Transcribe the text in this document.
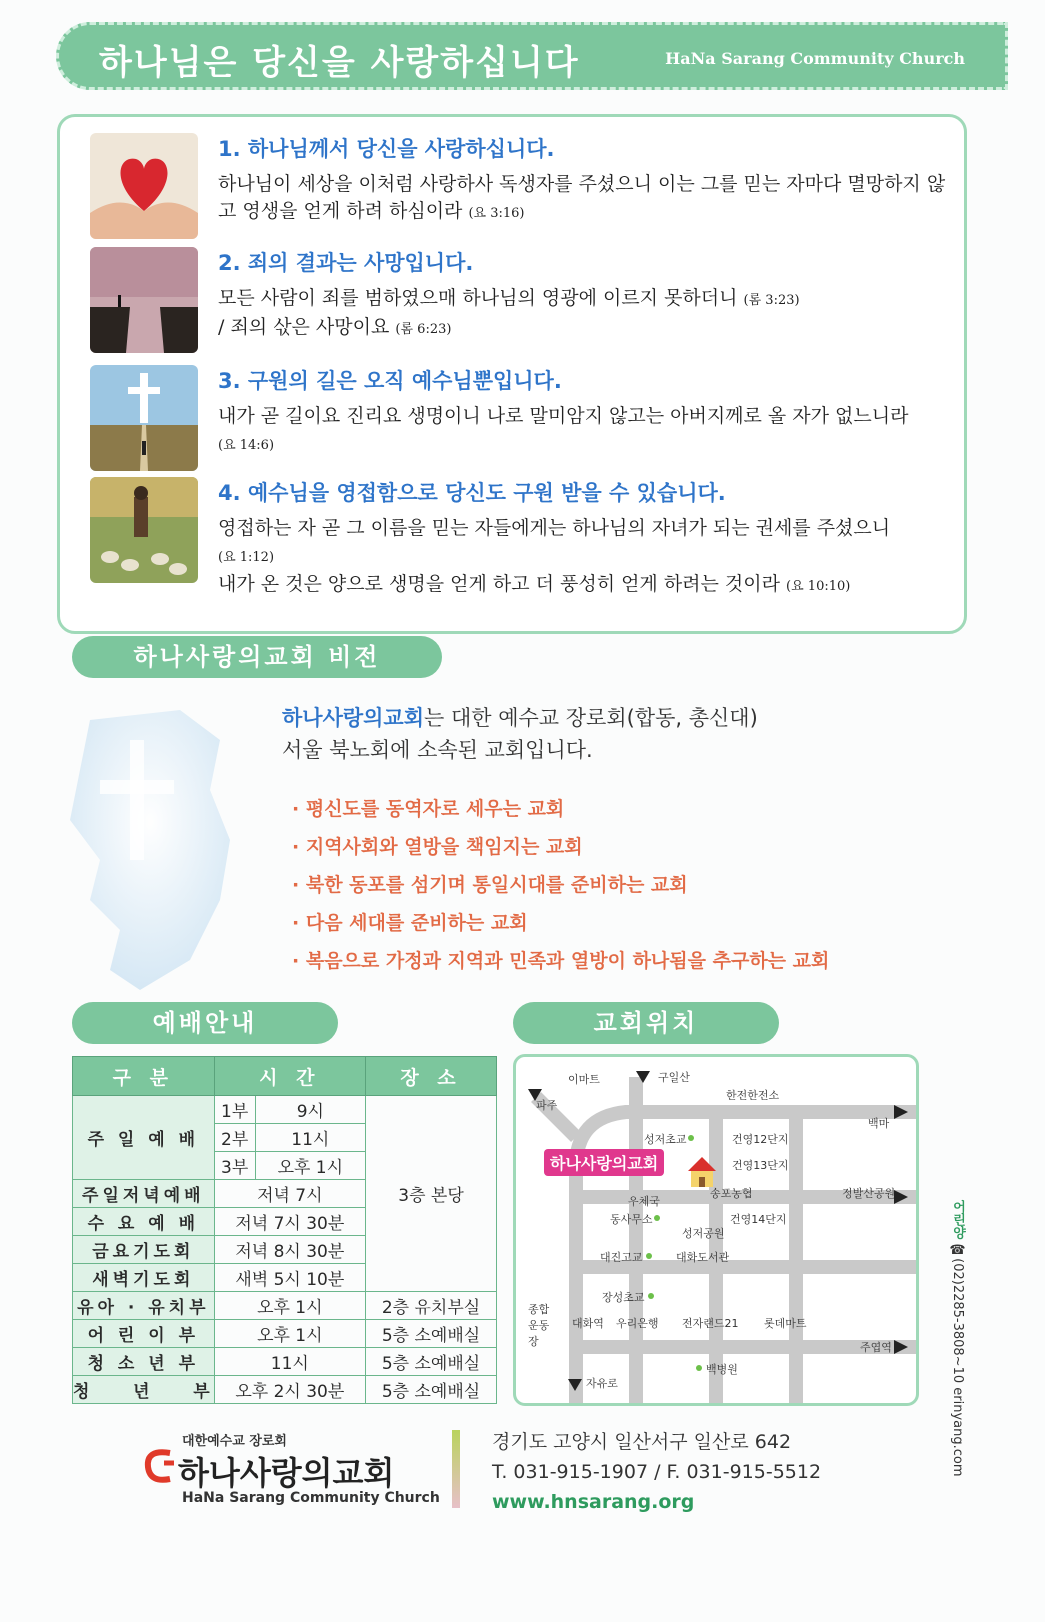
하나님은 당신을 사랑하십니다	HaNa Sarang Community Church
1. 하나님께서 당신을 사랑하십니다.
하나님이 세상을 이처럼 사랑하사 독생자를 주셨으니 이는 그를 믿는 자마다 멸망하지 않고 영생을 얻게 하려 하심이라 (요 3:16)
2. 죄의 결과는 사망입니다.
모든 사람이 죄를 범하였으매 하나님의 영광에 이르지 못하더니 (롬 3:23)
/ 죄의 삯은 사망이요 (롬 6:23)
3. 구원의 길은 오직 예수님뿐입니다.
내가 곧 길이요 진리요 생명이니 나로 말미암지 않고는 아버지께로 올 자가 없느니라
(요 14:6)
4. 예수님을 영접함으로 당신도 구원 받을 수 있습니다.
영접하는 자 곧 그 이름을 믿는 자들에게는 하나님의 자녀가 되는 권세를 주셨으니
(요 1:12)
내가 온 것은 양으로 생명을 얻게 하고 더 풍성히 얻게 하려는 것이라 (요 10:10)
하나사랑의교회 비전
하나사랑의교회는 대한 예수교 장로회(합동, 총신대)
서울 북노회에 소속된 교회입니다.
· 평신도를 동역자로 세우는 교회
· 지역사회와 열방을 책임지는 교회
· 북한 동포를 섬기며 통일시대를 준비하는 교회
· 다음 세대를 준비하는 교회
· 복음으로 가정과 지역과 민족과 열방이 하나됨을 추구하는 교회
예배안내
구 분	시 간		장 소
주 일 예 배	1부	9시	3층 본당
	2부	11시	
	3부	오후 1시	
주일저녁예배	저녁 7시		
수 요 예 배	저녁 7시 30분		
금요기도회	저녁 8시 30분		
새벽기도회	새벽 5시 10분		
유아 · 유치부	오후 1시		2층 유치부실
어 린 이 부	오후 1시		5층 소예배실
청 소 년 부	11시		5층 소예배실
청    년    부	오후 2시 30분		5층 소예배실
교회위치
하나사랑의교회
이마트	구일산
파주
한전한전소
백마
성저초교	건영12단지
건영13단지
송포농협	정발산공원
우체국
동사무소
성저공원
건영14단지
대진고교	대화도서관
장성초교
종합운동장
대화역 우리은행 전자랜드21 롯데마트
주엽역
백병원
자유로
어린양 ☎(02)2285-3808~10 erinyang.com
대한예수교 장로회
하나사랑의교회
HaNa Sarang Community Church
경기도 고양시 일산서구 일산로 642
T. 031-915-1907 / F. 031-915-5512
www.hnsarang.org
